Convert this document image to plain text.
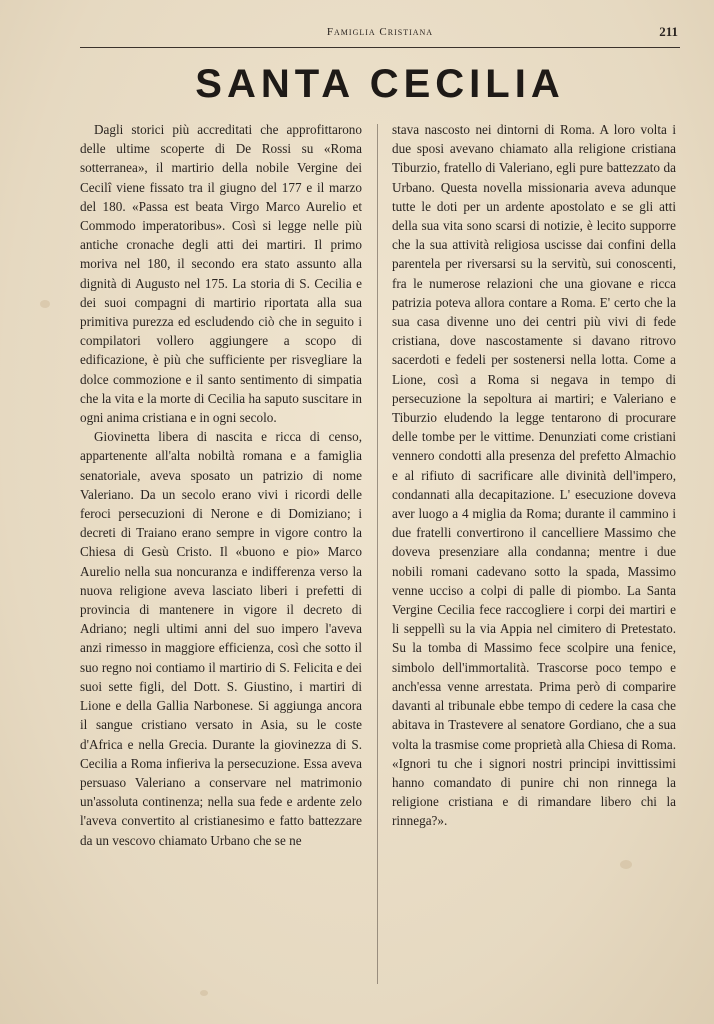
Famiglia Cristiana	211
SANTA CECILIA

Dagli storici più accreditati che approfittarono delle ultime scoperte di De Rossi su «Roma sotterranea», il martirio della nobile Vergine dei Cecilî viene fissato tra il giugno del 177 e il marzo del 180. «Passa est beata Virgo Marco Aurelio et Commodo imperatoribus». Così si legge nelle più antiche cronache degli atti dei martiri. Il primo moriva nel 180, il secondo era stato assunto alla dignità di Augusto nel 175. La storia di S. Cecilia e dei suoi compagni di martirio riportata alla sua primitiva purezza ed escludendo ciò che in seguito i compilatori vollero aggiungere a scopo di edificazione, è più che sufficiente per risvegliare la dolce commozione e il santo sentimento di simpatia che la vita e la morte di Cecilia ha saputo suscitare in ogni anima cristiana e in ogni secolo.

Giovinetta libera di nascita e ricca di censo, appartenente all'alta nobiltà romana e a famiglia senatoriale, aveva sposato un patrizio di nome Valeriano. Da un secolo erano vivi i ricordi delle feroci persecuzioni di Nerone e di Domiziano; i decreti di Traiano erano sempre in vigore contro la Chiesa di Gesù Cristo. Il «buono e pio» Marco Aurelio nella sua noncuranza e indifferenza verso la nuova religione aveva lasciato liberi i prefetti di provincia di mantenere in vigore il decreto di Adriano; negli ultimi anni del suo impero l'aveva anzi rimesso in maggiore efficienza, così che sotto il suo regno noi contiamo il martirio di S. Felicita e dei suoi sette figli, del Dott. S. Giustino, i martiri di Lione e della Gallia Narbonese. Si aggiunga ancora il sangue cristiano versato in Asia, su le coste d'Africa e nella Grecia. Durante la giovinezza di S. Cecilia a Roma infieriva la persecuzione. Essa aveva persuaso Valeriano a conservare nel matrimonio un'assoluta continenza; nella sua fede e ardente zelo l'aveva convertito al cristianesimo e fatto battezzare da un vescovo chiamato Urbano che se ne

stava nascosto nei dintorni di Roma. A loro volta i due sposi avevano chiamato alla religione cristiana Tiburzio, fratello di Valeriano, egli pure battezzato da Urbano. Questa novella missionaria aveva adunque tutte le doti per un ardente apostolato e se gli atti della sua vita sono scarsi di notizie, è lecito supporre che la sua attività religiosa uscisse dai confini della parentela per riversarsi su la servitù, sui conoscenti, fra le numerose relazioni che una giovane e ricca patrizia poteva allora contare a Roma. E' certo che la sua casa divenne uno dei centri più vivi di fede cristiana, dove nascostamente si davano ritrovo sacerdoti e fedeli per sostenersi nella lotta. Come a Lione, così a Roma si negava in tempo di persecuzione la sepoltura ai martiri; e Valeriano e Tiburzio eludendo la legge tentarono di procurare delle tombe per le vittime. Denunziati come cristiani vennero condotti alla presenza del prefetto Almachio e al rifiuto di sacrificare alle divinità dell'impero, condannati alla decapitazione. L' esecuzione doveva aver luogo a 4 miglia da Roma; durante il cammino i due fratelli convertirono il cancelliere Massimo che doveva presenziare alla condanna; mentre i due nobili romani cadevano sotto la spada, Massimo venne ucciso a colpi di palle di piombo. La Santa Vergine Cecilia fece raccogliere i corpi dei martiri e li seppellì su la via Appia nel cimitero di Pretestato. Su la tomba di Massimo fece scolpire una fenice, simbolo dell'immortalità. Trascorse poco tempo e anch'essa venne arrestata. Prima però di comparire davanti al tribunale ebbe tempo di cedere la casa che abitava in Trastevere al senatore Gordiano, che a sua volta la trasmise come proprietà alla Chiesa di Roma. «Ignori tu che i signori nostri principi invittissimi hanno comandato di punire chi non rinnega la religione cristiana e di rimandare libero chi la rinnega?».
